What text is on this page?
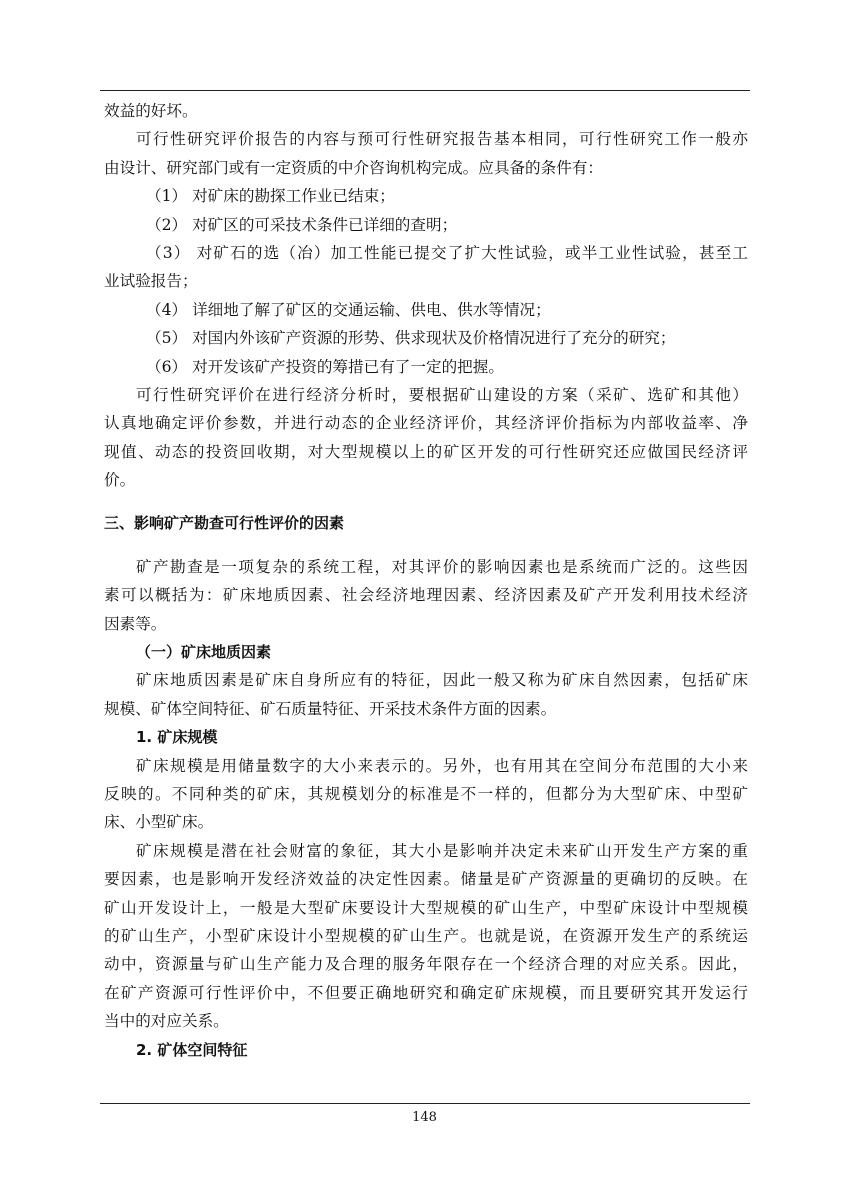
效益的好坏。
可行性研究评价报告的内容与预可行性研究报告基本相同，可行性研究工作一般亦
由设计、研究部门或有一定资质的中介咨询机构完成。应具备的条件有：
（1） 对矿床的勘探工作业已结束；
（2） 对矿区的可采技术条件已详细的查明；
（3） 对矿石的选（冶）加工性能已提交了扩大性试验，或半工业性试验，甚至工
业试验报告；
（4） 详细地了解了矿区的交通运输、供电、供水等情况；
（5） 对国内外该矿产资源的形势、供求现状及价格情况进行了充分的研究；
（6） 对开发该矿产投资的筹措已有了一定的把握。
可行性研究评价在进行经济分析时，要根据矿山建设的方案（采矿、选矿和其他）
认真地确定评价参数，并进行动态的企业经济评价，其经济评价指标为内部收益率、净
现值、动态的投资回收期，对大型规模以上的矿区开发的可行性研究还应做国民经济评
价。
三、影响矿产勘查可行性评价的因素
矿产勘查是一项复杂的系统工程，对其评价的影响因素也是系统而广泛的。这些因
素可以概括为：矿床地质因素、社会经济地理因素、经济因素及矿产开发利用技术经济
因素等。
（一）矿床地质因素
矿床地质因素是矿床自身所应有的特征，因此一般又称为矿床自然因素，包括矿床
规模、矿体空间特征、矿石质量特征、开采技术条件方面的因素。
1. 矿床规模
矿床规模是用储量数字的大小来表示的。另外，也有用其在空间分布范围的大小来
反映的。不同种类的矿床，其规模划分的标准是不一样的，但都分为大型矿床、中型矿
床、小型矿床。
矿床规模是潜在社会财富的象征，其大小是影响并决定未来矿山开发生产方案的重
要因素，也是影响开发经济效益的决定性因素。储量是矿产资源量的更确切的反映。在
矿山开发设计上，一般是大型矿床要设计大型规模的矿山生产，中型矿床设计中型规模
的矿山生产，小型矿床设计小型规模的矿山生产。也就是说，在资源开发生产的系统运
动中，资源量与矿山生产能力及合理的服务年限存在一个经济合理的对应关系。因此，
在矿产资源可行性评价中，不但要正确地研究和确定矿床规模，而且要研究其开发运行
当中的对应关系。
2. 矿体空间特征
148
